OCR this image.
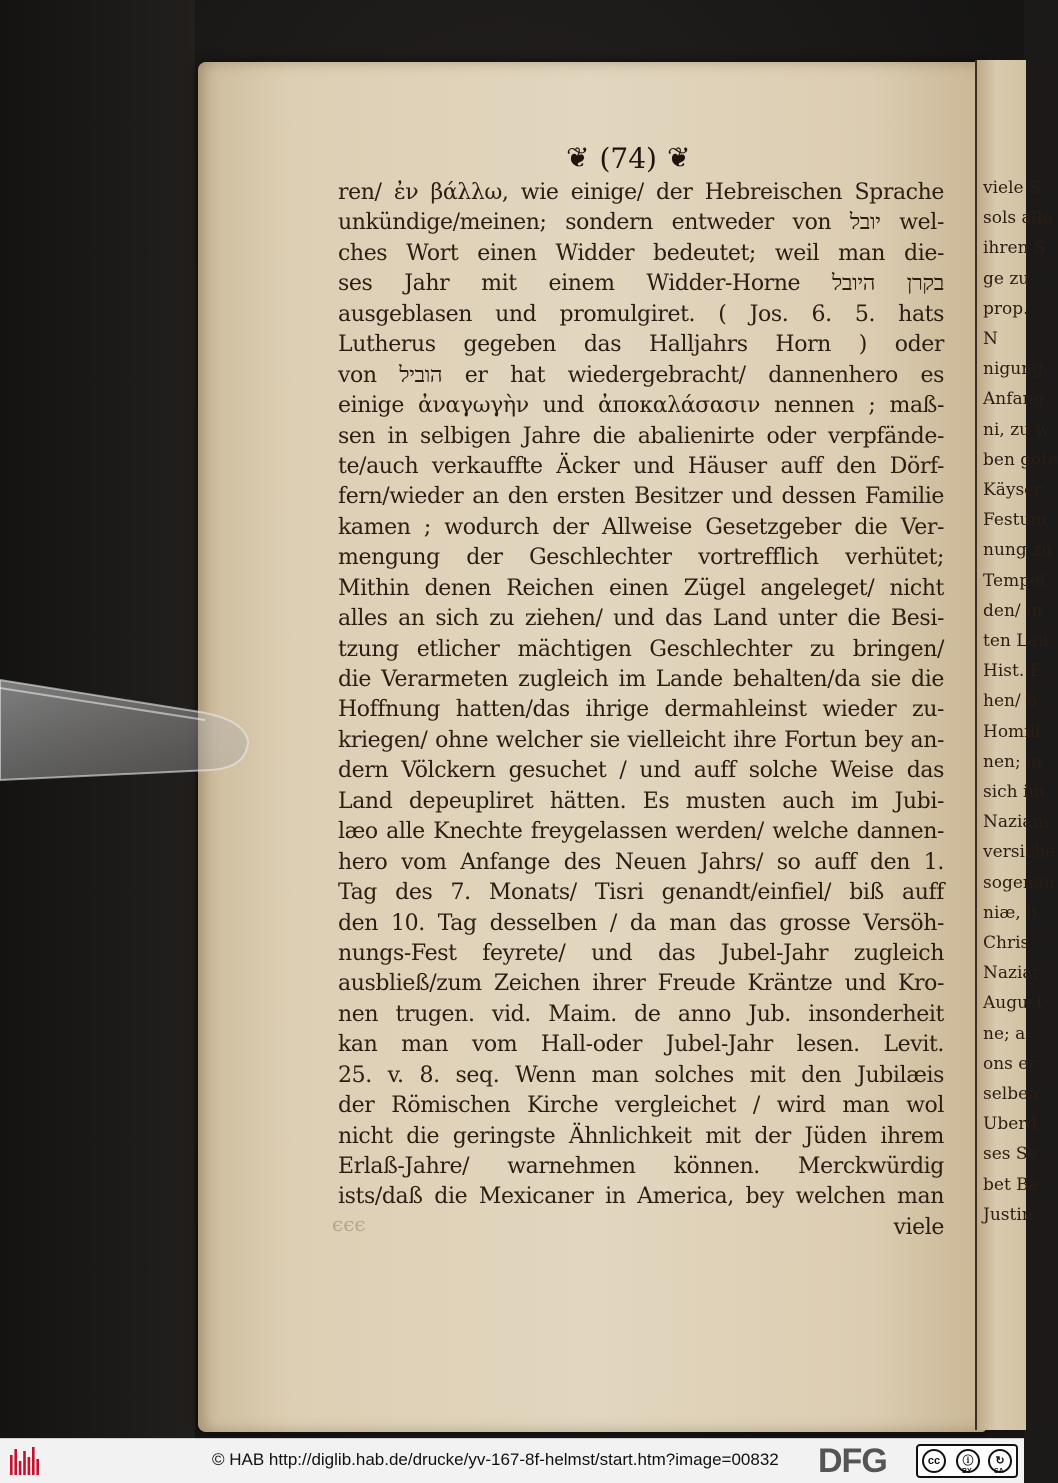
viele S
sols alle
ihren S
ge zu
prop.
N
nigung
Anfang
ni, zu w
ben gete
Käyser
Festum
nung zu
Tempel
den/ in
ten Lan
Hist. E
hen/ b
Homili
nen; in
sich im
Naziani
versiche
sogenan
niæ, b
Chris
Naziar
August
ne; a
ons er
selben
Uberd
ses Se
bet Ba
Justin
❦ (74) ❦
ren/ ἐν βάλλω, wie einige/ der Hebreischen Sprache
unkündige/meinen; sondern entweder von יובל wel-
ches Wort einen Widder bedeutet; weil man die-
ses Jahr mit einem Widder-Horne בקרן היובל
ausgeblasen und promulgiret. ( Jos. 6. 5. hats
Lutherus gegeben das Halljahrs Horn ) oder
von הוביל er hat wiedergebracht/ dannenhero es
einige ἀναγωγὴν und ἀποκαλάσασιν nennen ; maß-
sen in selbigen Jahre die abalienirte oder verpfände-
te/auch verkauffte Äcker und Häuser auff den Dörf-
fern/wieder an den ersten Besitzer und dessen Familie
kamen ; wodurch der Allweise Gesetzgeber die Ver-
mengung der Geschlechter vortrefflich verhütet;
Mithin denen Reichen einen Zügel angeleget/ nicht
alles an sich zu ziehen/ und das Land unter die Besi-
tzung etlicher mächtigen Geschlechter zu bringen/
die Verarmeten zugleich im Lande behalten/da sie die
Hoffnung hatten/das ihrige dermahleinst wieder zu-
kriegen/ ohne welcher sie vielleicht ihre Fortun bey an-
dern Völckern gesuchet / und auff solche Weise das
Land depeupliret hätten. Es musten auch im Jubi-
læo alle Knechte freygelassen werden/ welche dannen-
hero vom Anfange des Neuen Jahrs/ so auff den 1.
Tag des 7. Monats/ Tisri genandt/einfiel/ biß auff
den 10. Tag desselben / da man das grosse Versöh-
nungs-Fest feyrete/ und das Jubel-Jahr zugleich
ausbließ/zum Zeichen ihrer Freude Kräntze und Kro-
nen trugen. vid. Maim. de anno Jub. insonderheit
kan man vom Hall-oder Jubel-Jahr lesen. Levit.
25. v. 8. seq. Wenn man solches mit den Jubilæis
der Römischen Kirche vergleichet / wird man wol
nicht die geringste Ähnlichkeit mit der Jüden ihrem
Erlaß-Jahre/ warnehmen können. Merckwürdig
ists/daß die Mexicaner in America, bey welchen man
viele
ϵϵϵ
© HAB http://diglib.hab.de/drucke/yv-167-8f-helmst/start.htm?image=00832 DFG	cc	ⓘ	↻
BY	SA
